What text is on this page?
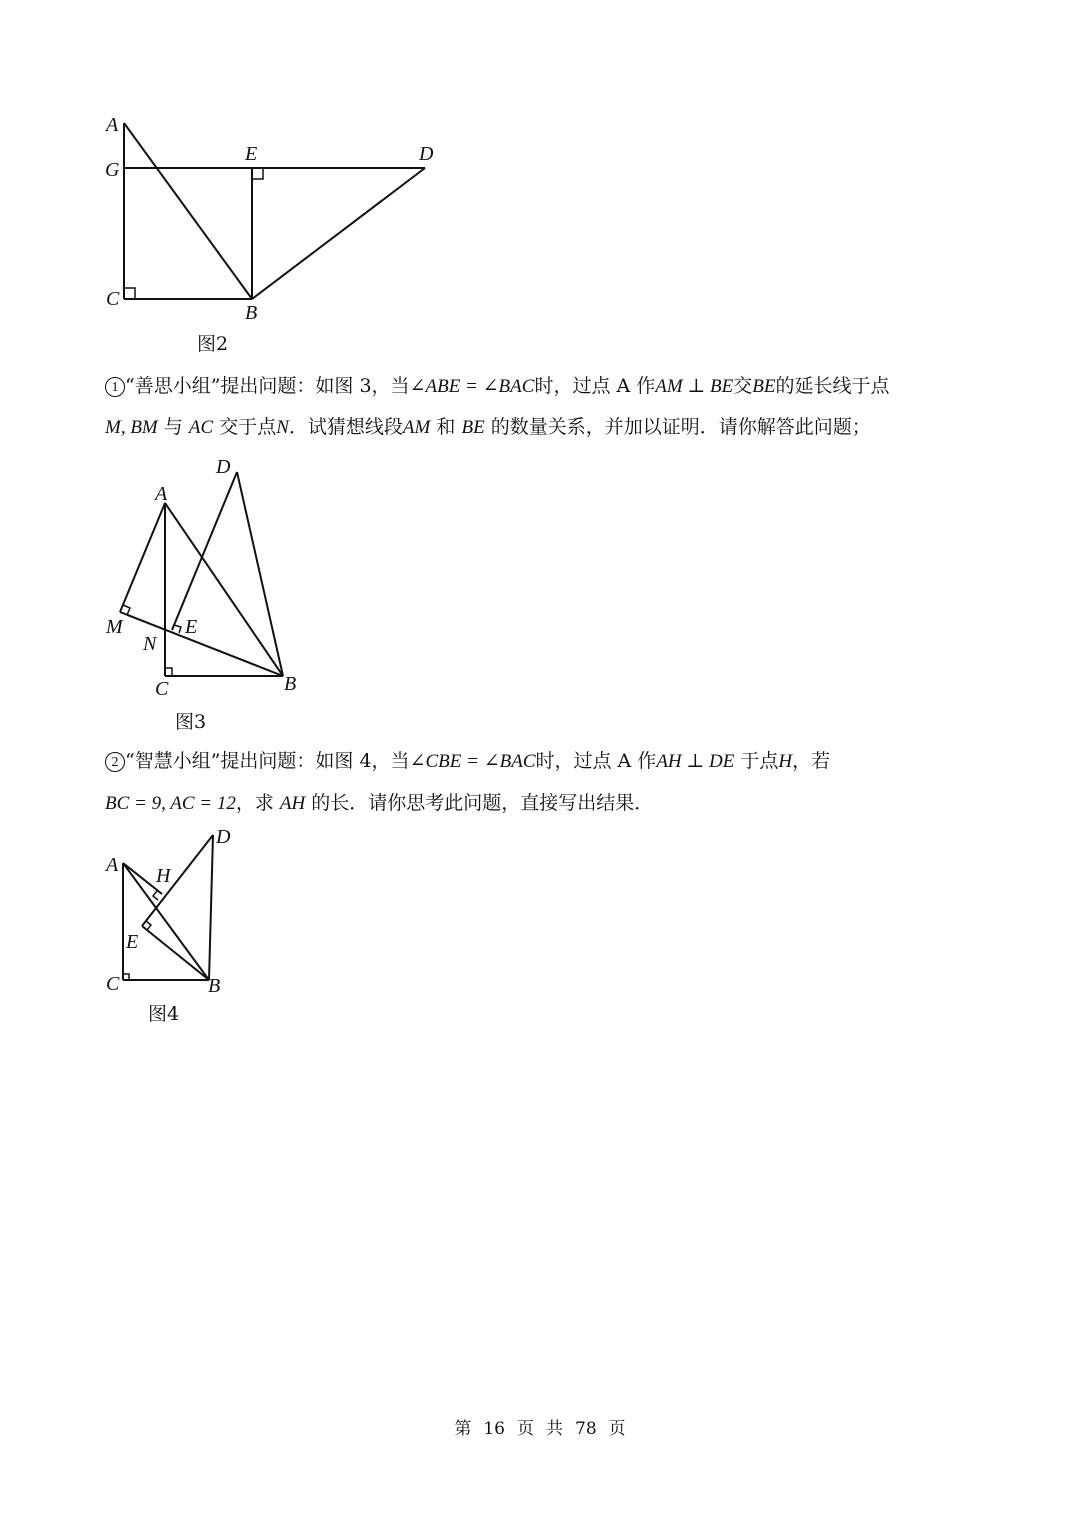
A
G
E	D
C
B
图2
1 “善思小组”提出问题：如图 3，当∠ABE = ∠BAC时，过点 A 作AM ⊥ BE交BE的延长线于点
M, BM 与 AC 交于点N．试猜想线段AM 和 BE 的数量关系，并加以证明．请你解答此问题；
D
A
M	E
N
C	B
图3
2 “智慧小组”提出问题：如图 4，当∠CBE = ∠BAC时，过点 A 作AH ⊥ DE 于点H，若
BC = 9, AC = 12，求 AH 的长．请你思考此问题，直接写出结果．
A H
D
E
C	B
图4
第 16 页 共 78 页
